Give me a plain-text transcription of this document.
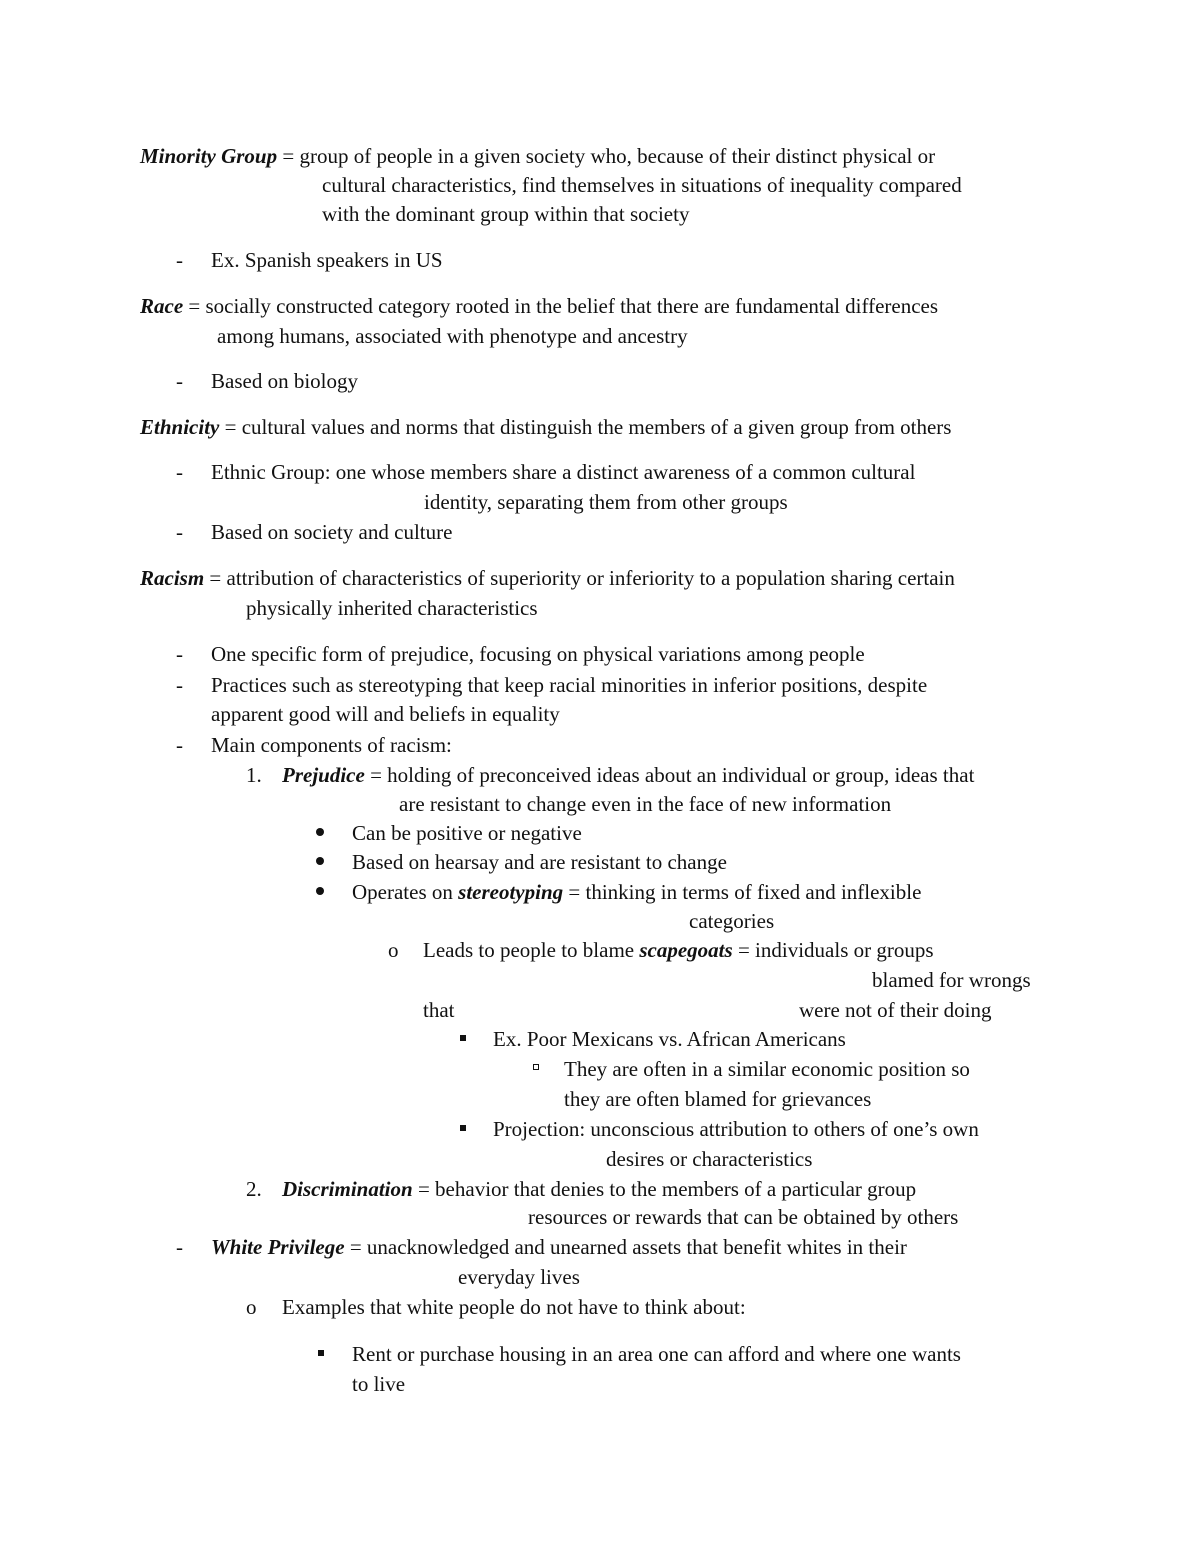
Minority Group = group of people in a given society who, because of their distinct physical or
cultural characteristics, find themselves in situations of inequality compared
with the dominant group within that society
- Ex. Spanish speakers in US
Race = socially constructed category rooted in the belief that there are fundamental differences
among humans, associated with phenotype and ancestry
- Based on biology
Ethnicity = cultural values and norms that distinguish the members of a given group from others
- Ethnic Group: one whose members share a distinct awareness of a common cultural
identity, separating them from other groups
- Based on society and culture
Racism = attribution of characteristics of superiority or inferiority to a population sharing certain
physically inherited characteristics
- One specific form of prejudice, focusing on physical variations among people
- Practices such as stereotyping that keep racial minorities in inferior positions, despite
apparent good will and beliefs in equality
- Main components of racism:
1. Prejudice = holding of preconceived ideas about an individual or group, ideas that
are resistant to change even in the face of new information
Can be positive or negative
Based on hearsay and are resistant to change
Operates on stereotyping = thinking in terms of fixed and inflexible
categories
o Leads to people to blame scapegoats = individuals or groups
blamed for wrongs
that	were not of their doing
Ex. Poor Mexicans vs. African Americans
They are often in a similar economic position so
they are often blamed for grievances
Projection: unconscious attribution to others of one’s own
desires or characteristics
2. Discrimination = behavior that denies to the members of a particular group
resources or rewards that can be obtained by others
- White Privilege = unacknowledged and unearned assets that benefit whites in their
everyday lives
o Examples that white people do not have to think about:
Rent or purchase housing in an area one can afford and where one wants
to live
